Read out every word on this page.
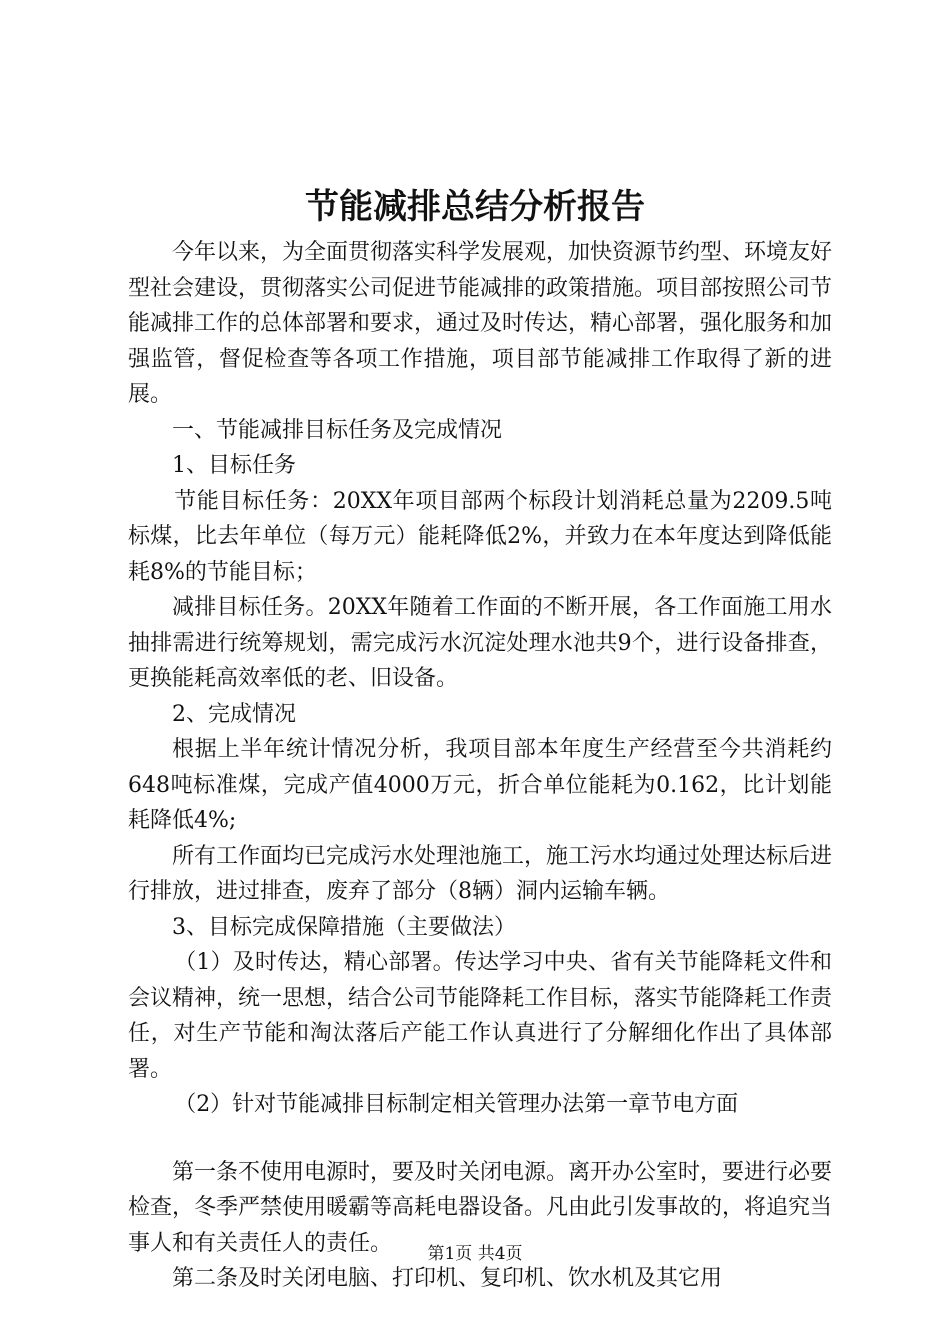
节能减排总结分析报告

今年以来，为全面贯彻落实科学发展观，加快资源节约型、环境友好型社会建设，贯彻落实公司促进节能减排的政策措施。项目部按照公司节能减排工作的总体部署和要求，通过及时传达，精心部署，强化服务和加强监管，督促检查等各项工作措施，项目部节能减排工作取得了新的进展。

一、节能减排目标任务及完成情况

1、目标任务

节能目标任务：20XX年项目部两个标段计划消耗总量为2209.5吨标煤，比去年单位（每万元）能耗降低2%，并致力在本年度达到降低能耗8%的节能目标；

减排目标任务。20XX年随着工作面的不断开展，各工作面施工用水抽排需进行统筹规划，需完成污水沉淀处理水池共9个，进行设备排查，更换能耗高效率低的老、旧设备。

2、完成情况

根据上半年统计情况分析，我项目部本年度生产经营至今共消耗约648吨标准煤，完成产值4000万元，折合单位能耗为0.162，比计划能耗降低4%;

所有工作面均已完成污水处理池施工，施工污水均通过处理达标后进行排放，进过排查，废弃了部分（8辆）洞内运输车辆。

3、目标完成保障措施（主要做法）

（1）及时传达，精心部署。传达学习中央、省有关节能降耗文件和会议精神，统一思想，结合公司节能降耗工作目标，落实节能降耗工作责任，对生产节能和淘汰落后产能工作认真进行了分解细化作出了具体部署。

（2）针对节能减排目标制定相关管理办法第一章节电方面

第一条不使用电源时，要及时关闭电源。离开办公室时，要进行必要检查，冬季严禁使用暖霸等高耗电器设备。凡由此引发事故的，将追究当事人和有关责任人的责任。

第二条及时关闭电脑、打印机、复印机、饮水机及其它用

第1页 共4页
